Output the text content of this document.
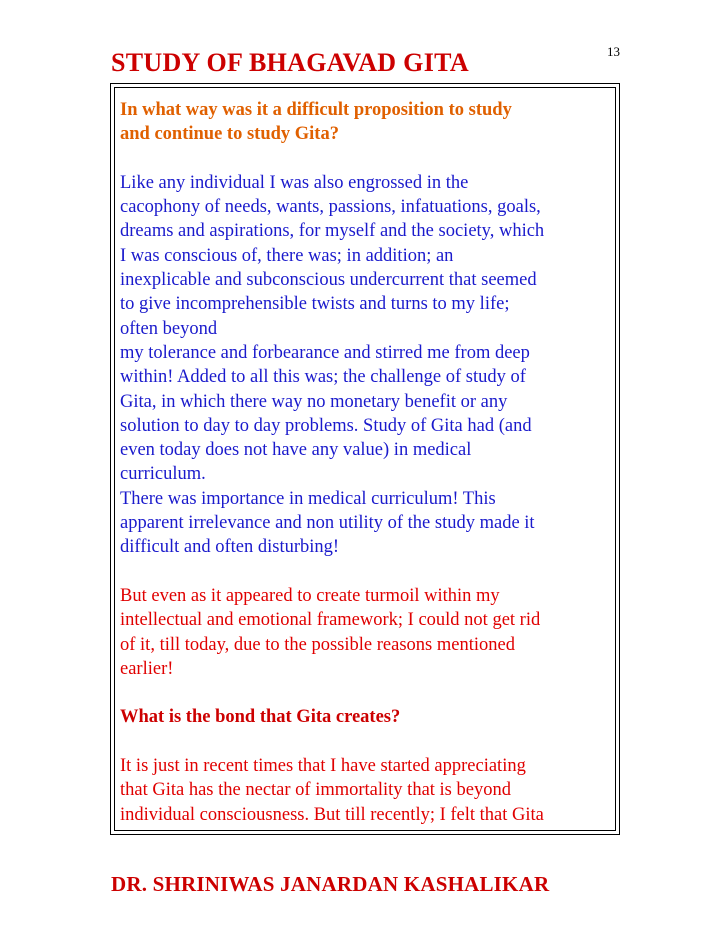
STUDY OF BHAGAVAD GITA	13

In what way was it a difficult proposition to study
and continue to study Gita?

Like any individual I was also engrossed in the
cacophony of needs, wants, passions, infatuations, goals,
dreams and aspirations, for myself and the society, which
I was conscious of, there was; in addition; an
inexplicable and subconscious undercurrent that seemed
to give incomprehensible twists and turns to my life;
often beyond
my tolerance and forbearance and stirred me from deep
within! Added to all this was; the challenge of study of
Gita, in which there way no monetary benefit or any
solution to day to day problems. Study of Gita had (and
even today does not have any value) in medical
curriculum.
There was importance in medical curriculum! This
apparent irrelevance and non utility of the study made it
difficult and often disturbing!

But even as it appeared to create turmoil within my
intellectual and emotional framework; I could not get rid
of it, till today, due to the possible reasons mentioned
earlier!

What is the bond that Gita creates?

It is just in recent times that I have started appreciating
that Gita has the nectar of immortality that is beyond
individual consciousness. But till recently; I felt that Gita

DR. SHRINIWAS JANARDAN KASHALIKAR
